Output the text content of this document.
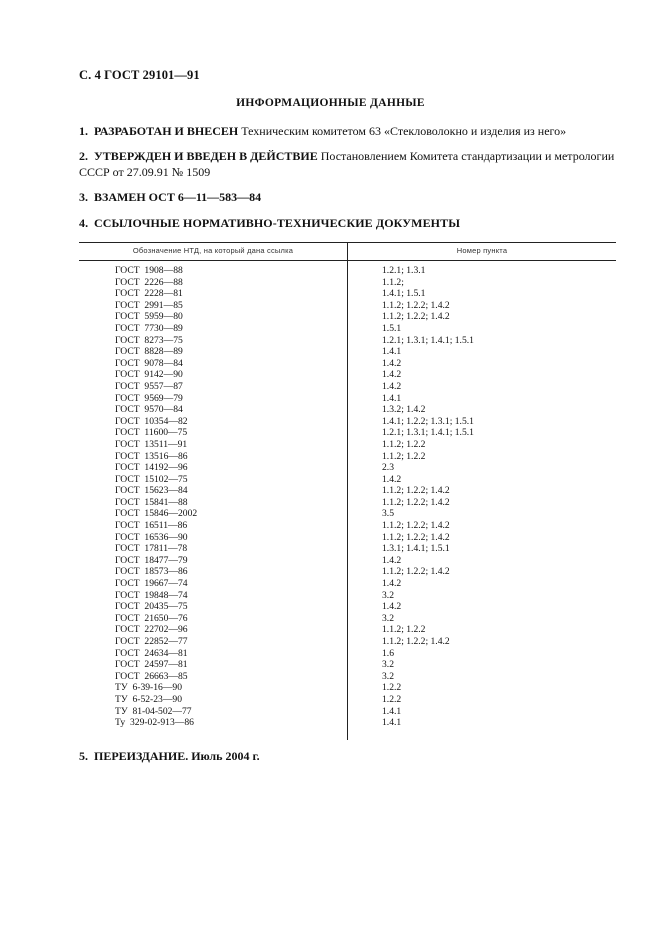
С. 4 ГОСТ 29101—91
ИНФОРМАЦИОННЫЕ ДАННЫЕ
1. РАЗРАБОТАН И ВНЕСЕН Техническим комитетом 63 «Стекловолокно и изделия из него»
2. УТВЕРЖДЕН И ВВЕДЕН В ДЕЙСТВИЕ Постановлением Комитета стандартизации и метрологии СССР от 27.09.91 № 1509
3. ВЗАМЕН ОСТ 6—11—583—84
4. ССЫЛОЧНЫЕ НОРМАТИВНО-ТЕХНИЧЕСКИЕ ДОКУМЕНТЫ
Обозначение НТД, на который дана ссылка	Номер пункта
ГОСТ  1908—88	1.2.1; 1.3.1
ГОСТ  2226—88	1.1.2;
ГОСТ  2228—81	1.4.1; 1.5.1
ГОСТ  2991—85	1.1.2; 1.2.2; 1.4.2
ГОСТ  5959—80	1.1.2; 1.2.2; 1.4.2
ГОСТ  7730—89	1.5.1
ГОСТ  8273—75	1.2.1; 1.3.1; 1.4.1; 1.5.1
ГОСТ  8828—89	1.4.1
ГОСТ  9078—84	1.4.2
ГОСТ  9142—90	1.4.2
ГОСТ  9557—87	1.4.2
ГОСТ  9569—79	1.4.1
ГОСТ  9570—84	1.3.2; 1.4.2
ГОСТ  10354—82	1.4.1; 1.2.2; 1.3.1; 1.5.1
ГОСТ  11600—75	1.2.1; 1.3.1; 1.4.1; 1.5.1
ГОСТ  13511—91	1.1.2; 1.2.2
ГОСТ  13516—86	1.1.2; 1.2.2
ГОСТ  14192—96	2.3
ГОСТ  15102—75	1.4.2
ГОСТ  15623—84	1.1.2; 1.2.2; 1.4.2
ГОСТ  15841—88	1.1.2; 1.2.2; 1.4.2
ГОСТ  15846—2002	3.5
ГОСТ  16511—86	1.1.2; 1.2.2; 1.4.2
ГОСТ  16536—90	1.1.2; 1.2.2; 1.4.2
ГОСТ  17811—78	1.3.1; 1.4.1; 1.5.1
ГОСТ  18477—79	1.4.2
ГОСТ  18573—86	1.1.2; 1.2.2; 1.4.2
ГОСТ  19667—74	1.4.2
ГОСТ  19848—74	3.2
ГОСТ  20435—75	1.4.2
ГОСТ  21650—76	3.2
ГОСТ  22702—96	1.1.2; 1.2.2
ГОСТ  22852—77	1.1.2; 1.2.2; 1.4.2
ГОСТ  24634—81	1.6
ГОСТ  24597—81	3.2
ГОСТ  26663—85	3.2
ТУ  6-39-16—90	1.2.2
ТУ  6-52-23—90	1.2.2
ТУ  81-04-502—77	1.4.1
Ту  329-02-913—86	1.4.1
5. ПЕРЕИЗДАНИЕ. Июль 2004 г.
